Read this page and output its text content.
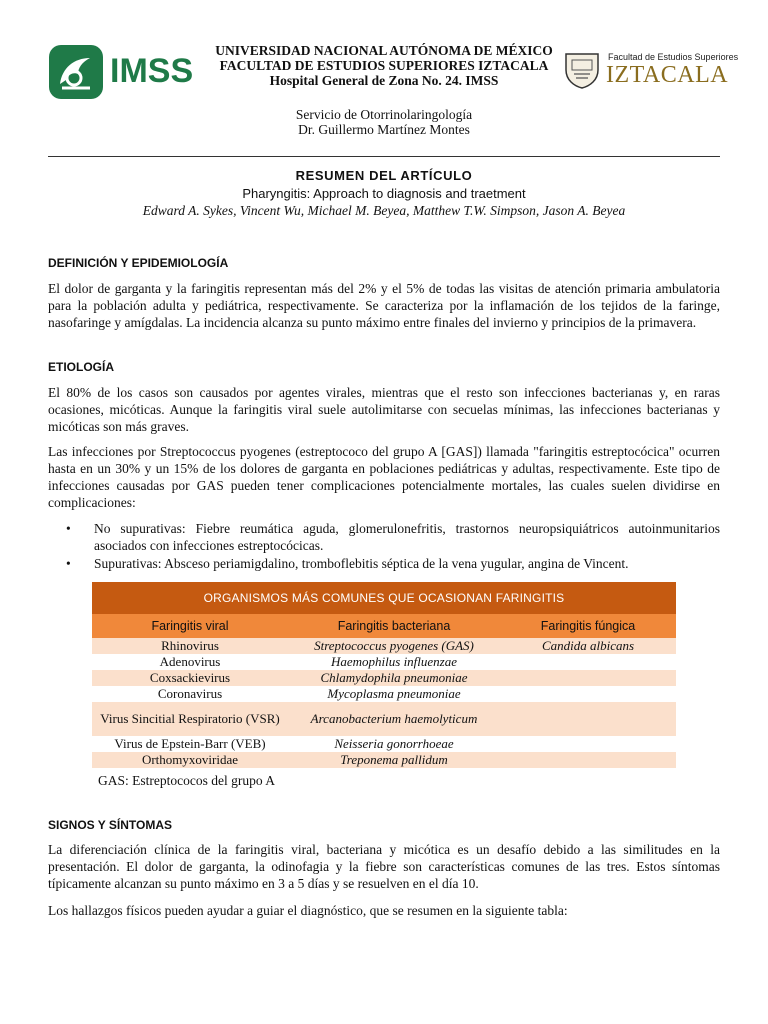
IMSS	Facultad de Estudios Superiores
IZTACALA
UNIVERSIDAD NACIONAL AUTÓNOMA DE MÉXICO
FACULTAD DE ESTUDIOS SUPERIORES IZTACALA
Hospital General de Zona No. 24. IMSS
Servicio de Otorrinolaringología
Dr. Guillermo Martínez Montes
RESUMEN DEL ARTÍCULO
Pharyngitis: Approach to diagnosis and traetment
Edward A. Sykes, Vincent Wu, Michael M. Beyea, Matthew T.W. Simpson, Jason A. Beyea
DEFINICIÓN Y EPIDEMIOLOGÍA

El dolor de garganta y la faringitis representan más del 2% y el 5% de todas las visitas de atención primaria ambulatoria para la población adulta y pediátrica, respectivamente. Se caracteriza por la inflamación de los tejidos de la faringe, nasofaringe y amígdalas. La incidencia alcanza su punto máximo entre finales del invierno y principios de la primavera.

ETIOLOGÍA

El 80% de los casos son causados por agentes virales, mientras que el resto son infecciones bacterianas y, en raras ocasiones, micóticas. Aunque la faringitis viral suele autolimitarse con secuelas mínimas, las infecciones bacterianas y micóticas son más graves.

Las infecciones por Streptococcus pyogenes (estreptococo del grupo A [GAS]) llamada "faringitis estreptocócica" ocurren hasta en un 30% y un 15% de los dolores de garganta en poblaciones pediátricas y adultas, respectivamente. Este tipo de infecciones causadas por GAS pueden tener complicaciones potencialmente mortales, las cuales suelen dividirse en complicaciones:

• No supurativas: Fiebre reumática aguda, glomerulonefritis, trastornos neuropsiquiátricos autoinmunitarios asociados con infecciones estreptocócicas.
• Supurativas: Absceso periamigdalino, tromboflebitis séptica de la vena yugular, angina de Vincent.
ORGANISMOS MÁS COMUNES QUE OCASIONAN FARINGITIS		
Faringitis viral	Faringitis bacteriana	Faringitis fúngica
Rhinovirus	Streptococcus pyogenes (GAS)	Candida albicans
Adenovirus	Haemophilus influenzae	
Coxsackievirus	Chlamydophila pneumoniae	
Coronavirus	Mycoplasma pneumoniae	
Virus Sincitial Respiratorio (VSR)	Arcanobacterium haemolyticum	
Virus de Epstein-Barr (VEB)	Neisseria gonorrhoeae	
Orthomyxoviridae	Treponema pallidum	
GAS: Estreptococos del grupo A
SIGNOS Y SÍNTOMAS

La diferenciación clínica de la faringitis viral, bacteriana y micótica es un desafío debido a las similitudes en la presentación. El dolor de garganta, la odinofagia y la fiebre son características comunes de las tres. Estos síntomas típicamente alcanzan su punto máximo en 3 a 5 días y se resuelven en el día 10.

Los hallazgos físicos pueden ayudar a guiar el diagnóstico, que se resumen en la siguiente tabla:
